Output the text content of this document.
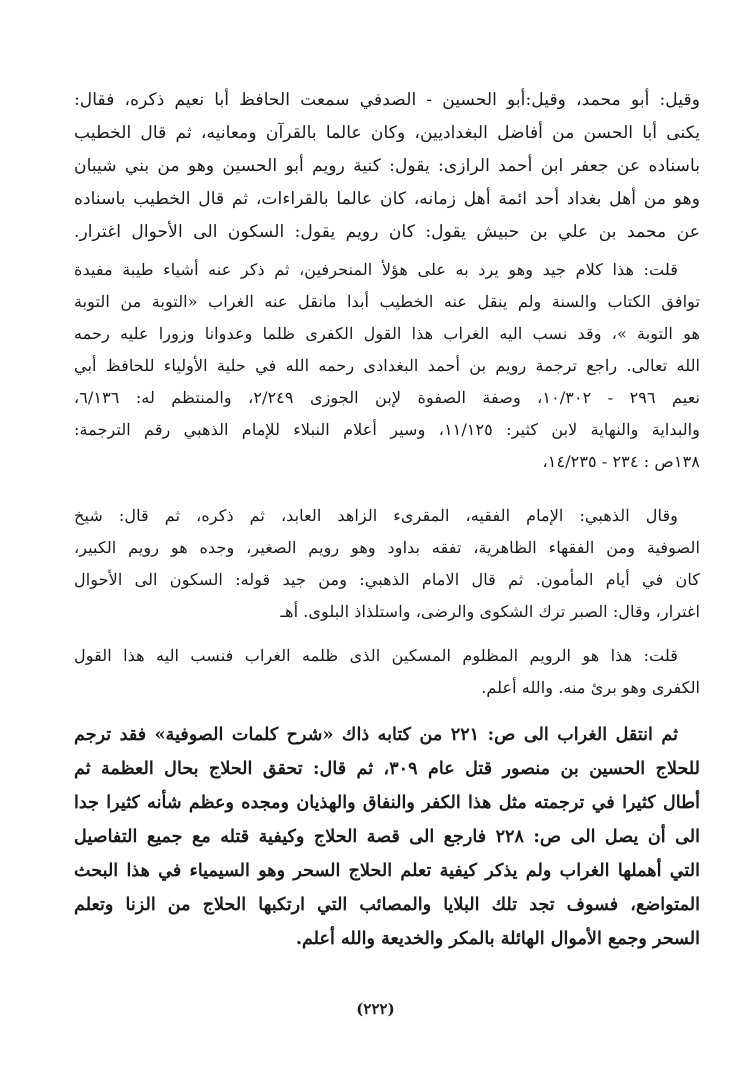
وقيل: أبو محمد، وقيل:أبو الحسين - الصدفي سمعت الحافظ أبا نعيم ذكره، فقال:
يكنى أبا الحسن من أفاضل البغداديين، وكان عالما بالقرآن ومعانيه، ثم قال الخطيب
باسناده عن جعفر ابن أحمد الرازى: يقول: كنية رويم أبو الحسين وهو من بني شيبان
وهو من أهل بغداد أحد ائمة أهل زمانه، كان عالما بالقراءات، ثم قال الخطيب باسناده
عن محمد بن علي بن حبيش يقول: كان رويم يقول: السكون الى الأحوال اغترار.
قلت: هذا كلام جيد وهو يرد به على هؤلأ المنحرفين، ثم ذكر عنه أشياء طيبة مفيدة
توافق الكتاب والسنة ولم ينقل عنه الخطيب أبدا مانقل عنه الغراب «التوبة من التوبة
هو التوبة »، وقد نسب اليه الغراب هذا القول الكفرى ظلما وعدوانا وزورا عليه رحمه
الله تعالى. راجع ترجمة رويم بن أحمد البغدادى رحمه الله في حلية الأولياء للحافظ أبي
نعيم ٢٩٦ - ١٠/٣٠٢، وصفة الصفوة لإبن الجوزى ٢/٢٤٩، والمنتظم له: ٦/١٣٦،
والبداية والنهاية لابن كثير: ١١/١٢٥، وسير أعلام النبلاء للإمام الذهبي رقم الترجمة:
١٣٨ص : ٢٣٤ - ١٤/٢٣٥،
وقال الذهبي: الإمام الفقيه، المقرىء الزاهد العابد، ثم ذكره، ثم قال: شيخ
الصوفية ومن الفقهاء الظاهرية، تفقه بداود وهو رويم الصغير، وجده هو رويم الكبير،
كان في أيام المأمون. ثم قال الامام الذهبي: ومن جيد قوله: السكون الى الأحوال
اغترار، وقال: الصبر ترك الشكوى والرضى، واستلذاذ البلوى. أهـ
قلت: هذا هو الرويم المظلوم المسكين الذى ظلمه الغراب فنسب اليه هذا القول
الكفرى وهو برئ منه. والله أعلم.
ثم انتقل الغراب الى ص: ٢٢١ من كتابه ذاك «شرح كلمات الصوفية» فقد ترجم
للحلاج الحسين بن منصور قتل عام ٣٠٩، ثم قال: تحقق الحلاج بحال العظمة ثم
أطال كثيرا في ترجمته مثل هذا الكفر والنفاق والهذيان ومجده وعظم شأنه كثيرا جدا
الى أن يصل الى ص: ٢٢٨ فارجع الى قصة الحلاج وكيفية قتله مع جميع التفاصيل
التي أهملها الغراب ولم يذكر كيفية تعلم الحلاج السحر وهو السيمياء في هذا البحث
المتواضع، فسوف تجد تلك البلايا والمصائب التي ارتكبها الحلاج من الزنا وتعلم
السحر وجمع الأموال الهائلة بالمكر والخديعة والله أعلم.
(٢٢٢)
